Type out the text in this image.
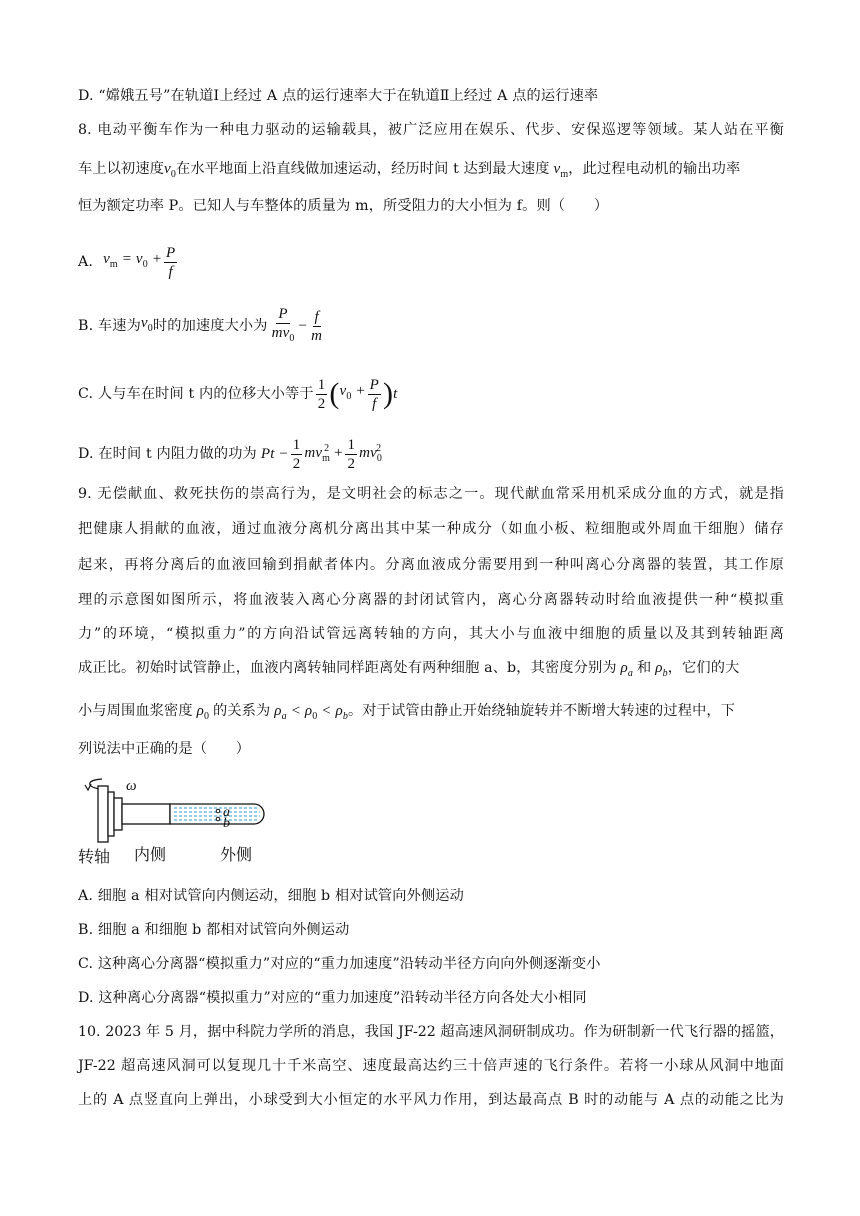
D. “嫦娥五号”在轨道Ⅰ上经过 A 点的运行速率大于在轨道Ⅱ上经过 A 点的运行速率
8. 电动平衡车作为一种电力驱动的运输载具，被广泛应用在娱乐、代步、安保巡逻等领域。某人站在平衡
车上以初速度$v_0$在水平地面上沿直线做加速运动，经历时间 t 达到最大速度 $v_m$，此过程电动机的输出功率
恒为额定功率 P。已知人与车整体的质量为 m，所受阻力的大小恒为 f。则（　　）
A. $v_m = v_0 + \frac{P}{f}$
B. 车速为 $v_0$ 时的加速度大小为 $\frac{P}{mv_0} - \frac{f}{m}$
C. 人与车在时间 t 内的位移大小等于 $\frac{1}{2}$ ( $v_0 + \frac{P}{f}$ ) t
D. 在时间 t 内阻力做的功为 $Pt - \frac{1}{2} mv_m^2 + \frac{1}{2} mv_0^2$
9. 无偿献血、救死扶伤的崇高行为，是文明社会的标志之一。现代献血常采用机采成分血的方式，就是指
把健康人捐献的血液，通过血液分离机分离出其中某一种成分（如血小板、粒细胞或外周血干细胞）储存
起来，再将分离后的血液回输到捐献者体内。分离血液成分需要用到一种叫离心分离器的装置，其工作原
理的示意图如图所示，将血液装入离心分离器的封闭试管内，离心分离器转动时给血液提供一种“模拟重
力”的环境，“模拟重力”的方向沿试管远离转轴的方向，其大小与血液中细胞的质量以及其到转轴距离
成正比。初始时试管静止，血液内离转轴同样距离处有两种细胞 a、b，其密度分别为 $\rho_a$ 和 $\rho_b$，它们的大
小与周围血浆密度 $\rho_0$ 的关系为 $\rho_a < \rho_0 < \rho_b$。对于试管由静止开始绕轴旋转并不断增大转速的过程中，下
列说法中正确的是（　　）
a
b
ω
转轴 内侧	外侧
A. 细胞 a 相对试管向内侧运动，细胞 b 相对试管向外侧运动
B. 细胞 a 和细胞 b 都相对试管向外侧运动
C. 这种离心分离器“模拟重力”对应的“重力加速度”沿转动半径方向向外侧逐渐变小
D. 这种离心分离器“模拟重力”对应的“重力加速度”沿转动半径方向各处大小相同
10. 2023 年 5 月，据中科院力学所的消息，我国 JF-22 超高速风洞研制成功。作为研制新一代飞行器的摇篮，
JF-22 超高速风洞可以复现几十千米高空、速度最高达约三十倍声速的飞行条件。若将一小球从风洞中地面
上的 A 点竖直向上弹出，小球受到大小恒定的水平风力作用，到达最高点 B 时的动能与 A 点的动能之比为
